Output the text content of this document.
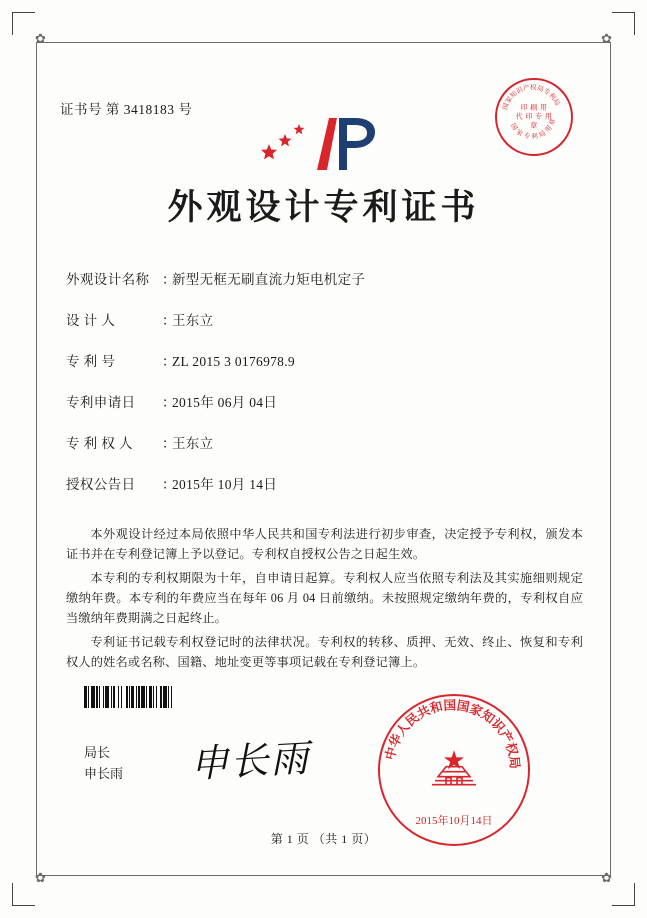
✿	✿
✿	✿
证书号 第 3418183 号	国家知识产权局专利局
国 家 专 利 局 用 章
印 刷 用
代 印 专 用 章
外观设计专利证书
外观设计名称 ：
新型无框无刷直流力矩电机定子
设 计 人	：
王东立
专 利 号	：
ZL 2015 3 0176978.9
专利申请日	：
2015年 06月 04日
专 利 权 人	：
王东立
授权公告日	：
2015年 10月 14日

本外观设计经过本局依照中华人民共和国专利法进行初步审查，决定授予专利权，颁发本证书并在专利登记簿上予以登记。专利权自授权公告之日起生效。

本专利的专利权期限为十年，自申请日起算。专利权人应当依照专利法及其实施细则规定缴纳年费。本专利的年费应当在每年 06 月 04 日前缴纳。未按照规定缴纳年费的，专利权自应当缴纳年费期满之日起终止。

专利证书记载专利权登记时的法律状况。专利权的转移、质押、无效、终止、恢复和专利权人的姓名或名称、国籍、地址变更等事项记载在专利登记簿上。

局长
申长雨 申长雨	中华人民共和国国家知识产权局
★
2015年10月14日
第 1 页 （共 1 页）
